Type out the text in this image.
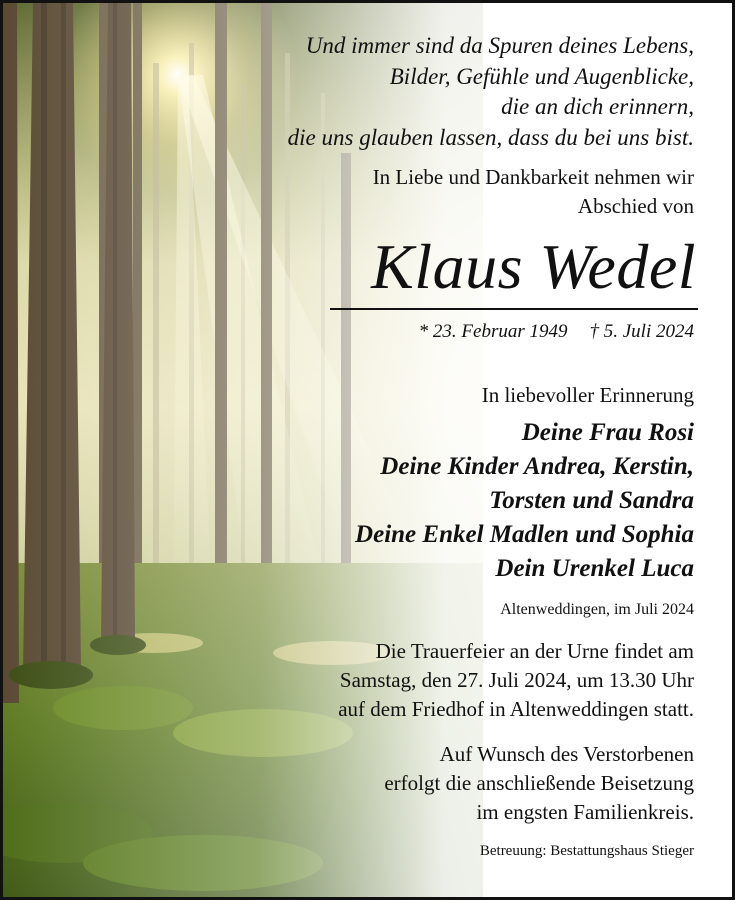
Und immer sind da Spuren deines Lebens,
Bilder, Gefühle und Augenblicke,
die an dich erinnern,
die uns glauben lassen, dass du bei uns bist.
In Liebe und Dankbarkeit nehmen wir
Abschied von
Klaus Wedel
* 23. Februar 1949 † 5. Juli 2024
In liebevoller Erinnerung
Deine Frau Rosi
Deine Kinder Andrea, Kerstin,
Torsten und Sandra
Deine Enkel Madlen und Sophia
Dein Urenkel Luca
Altenweddingen, im Juli 2024
Die Trauerfeier an der Urne findet am
Samstag, den 27. Juli 2024, um 13.30 Uhr
auf dem Friedhof in Altenweddingen statt.
Auf Wunsch des Verstorbenen
erfolgt die anschließende Beisetzung
im engsten Familienkreis.
Betreuung: Bestattungshaus Stieger
